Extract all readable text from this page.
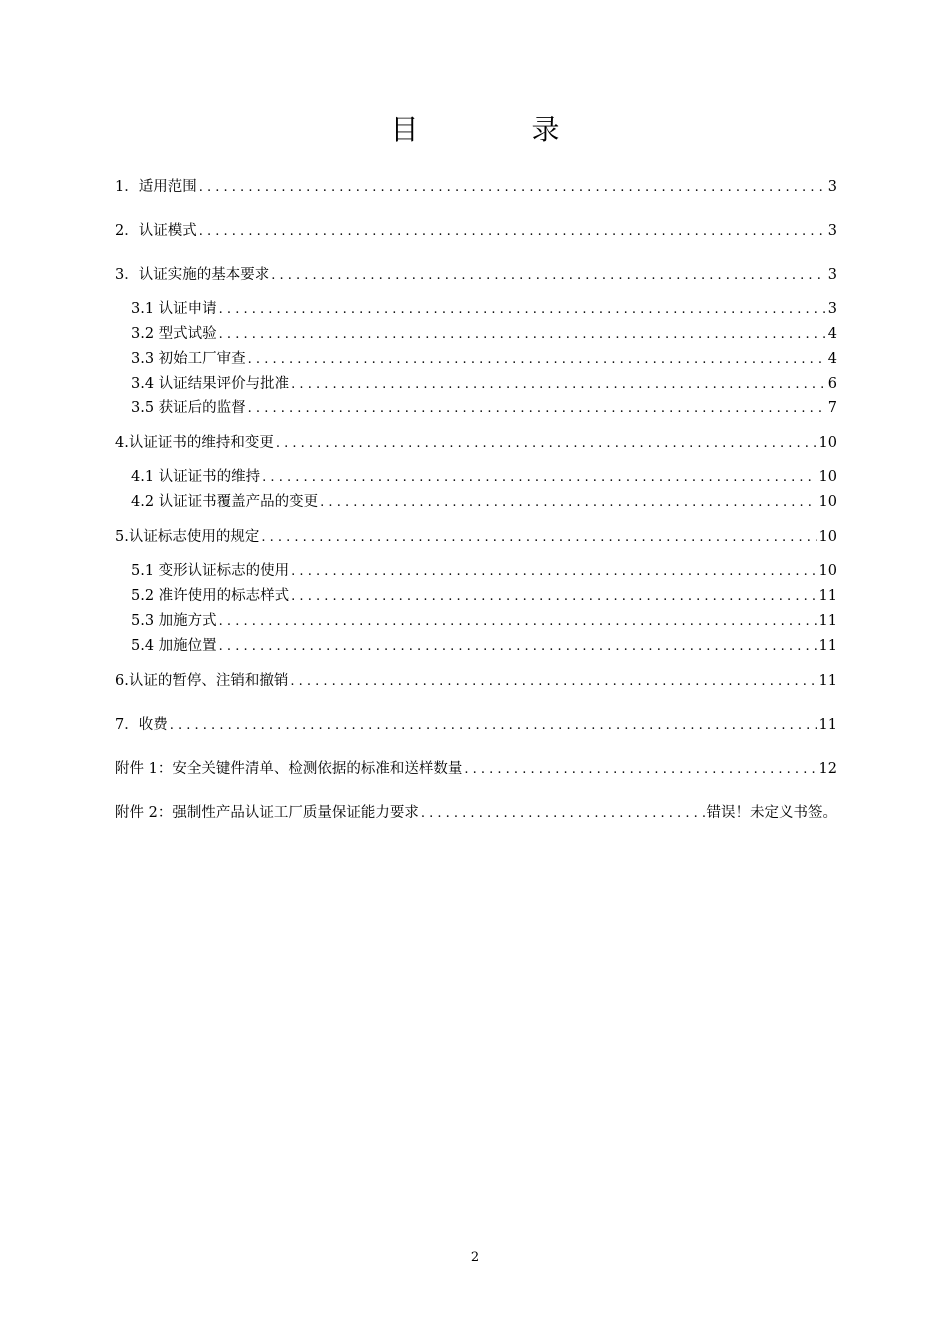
目 录
1．适用范围 . . .	3
2．认证模式 . . .	3
3．认证实施的基本要求 . . .	3
3.1 认证申请 . . .	3
3.2 型式试验 . . .	4
3.3 初始工厂审查 . . .	4
3.4 认证结果评价与批准 . . .	6
3.5 获证后的监督 . . .	7
4.认证证书的维持和变更 . . .	10
4.1 认证证书的维持 . . .	10
4.2 认证证书覆盖产品的变更 . . .	10
5.认证标志使用的规定 . . .	10
5.1 变形认证标志的使用 . . .	10
5.2 准许使用的标志样式 . . .	11
5.3 加施方式 . . .	11
5.4 加施位置 . . .	11
6.认证的暂停、注销和撤销 . . .	11
7．收费 . . .	11
附件 1：安全关键件清单、检测依据的标准和送样数量 . . .	12
附件 2：强制性产品认证工厂质量保证能力要求 . . .	错误！未定义书签。
2
